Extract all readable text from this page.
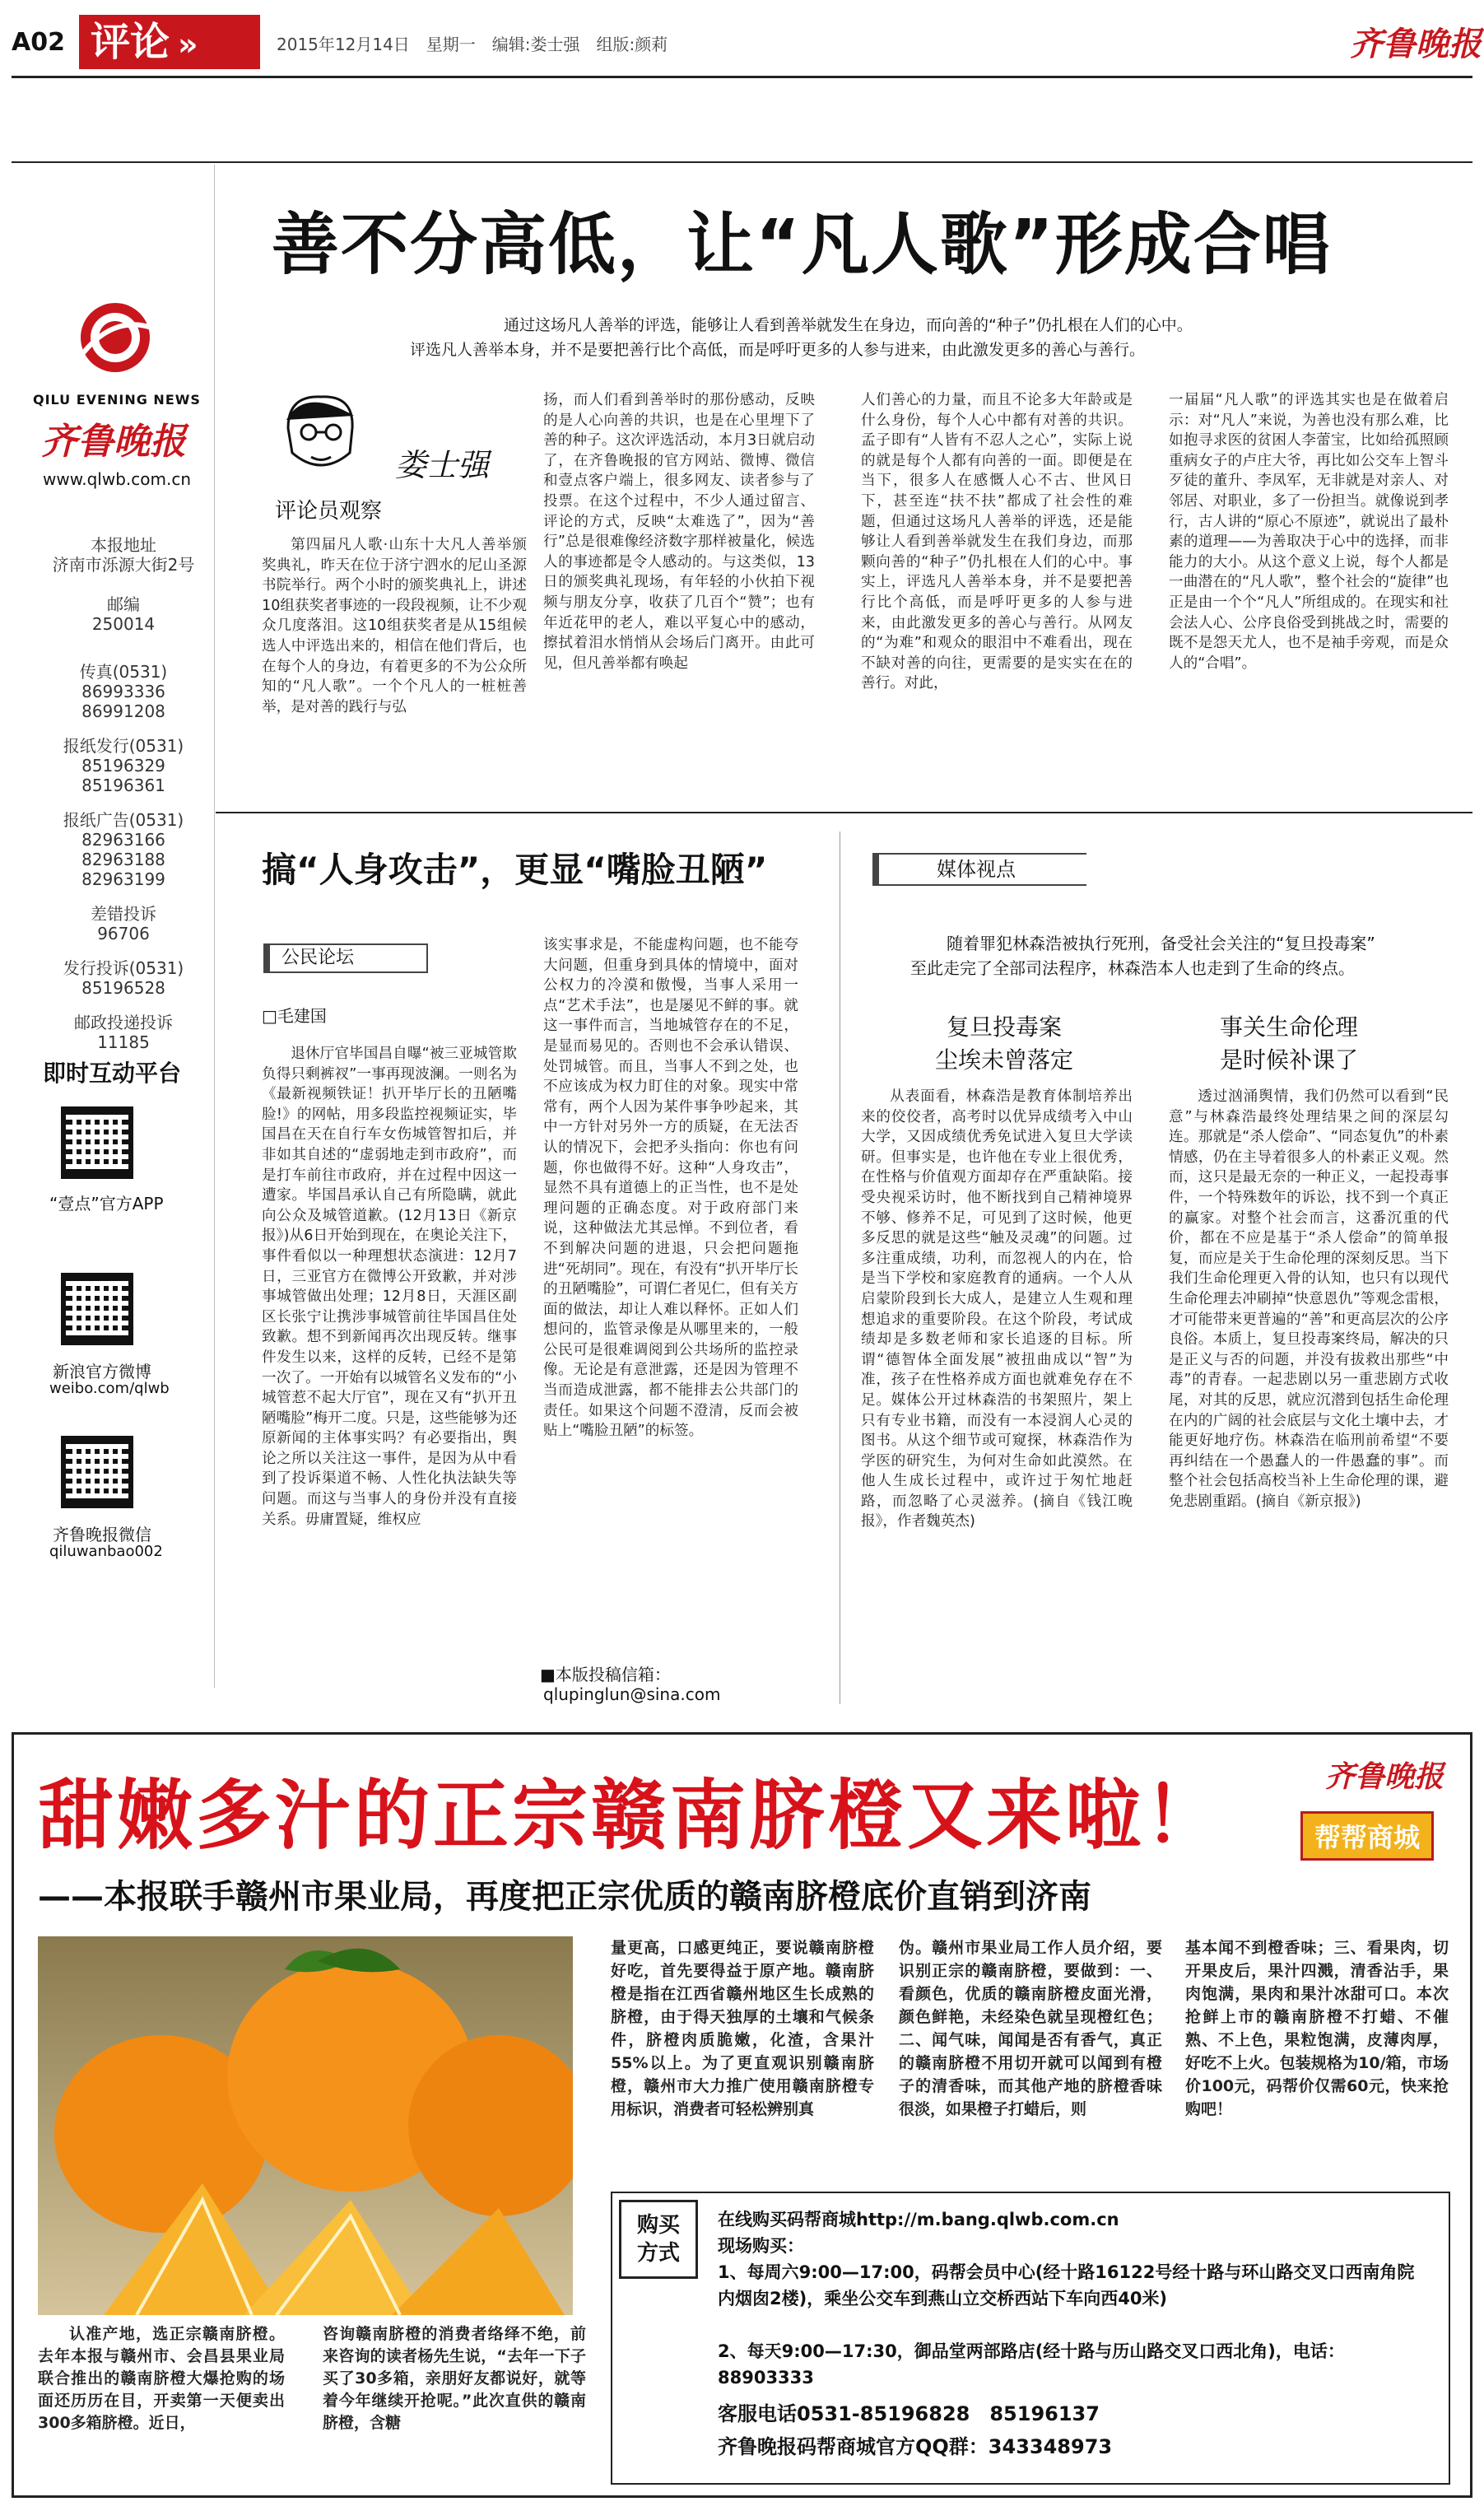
A02 评论 »	2015年12月14日　星期一　编辑:娄士强　组版:颜莉	齐鲁晚报
QILU EVENING NEWS
齐鲁晚报
www.qlwb.com.cn
本报地址
济南市泺源大街2号
邮编
250014
传真(0531)
86993336 86991208
报纸发行(0531)
85196329 85196361
报纸广告(0531)
82963166 82963188 82963199
差错投诉
96706
发行投诉(0531)
85196528
邮政投递投诉
11185
即时互动平台
“壹点”官方APP
新浪官方微博
weibo.com/qlwb
齐鲁晚报微信
qiluwanbao002
善不分高低，让“凡人歌”形成合唱
通过这场凡人善举的评选，能够让人看到善举就发生在身边，而向善的“种子”仍扎根在人们的心中。
评选凡人善举本身，并不是要把善行比个高低，而是呼吁更多的人参与进来，由此激发更多的善心与善行。
娄士强
评论员观察

第四届凡人歌·山东十大凡人善举颁奖典礼，昨天在位于济宁泗水的尼山圣源书院举行。两个小时的颁奖典礼上，讲述10组获奖者事迹的一段段视频，让不少观众几度落泪。这10组获奖者是从15组候选人中评选出来的，相信在他们背后，也在每个人的身边，有着更多的不为公众所知的“凡人歌”。一个个凡人的一桩桩善举，是对善的践行与弘

扬，而人们看到善举时的那份感动，反映的是人心向善的共识，也是在心里埋下了善的种子。这次评选活动，本月3日就启动了，在齐鲁晚报的官方网站、微博、微信和壹点客户端上，很多网友、读者参与了投票。在这个过程中，不少人通过留言、评论的方式，反映“太难选了”，因为“善行”总是很难像经济数字那样被量化，候选人的事迹都是令人感动的。与这类似，13日的颁奖典礼现场，有年轻的小伙拍下视频与朋友分享，收获了几百个“赞”；也有年近花甲的老人，难以平复心中的感动，擦拭着泪水悄悄从会场后门离开。由此可见，但凡善举都有唤起

人们善心的力量，而且不论多大年龄或是什么身份，每个人心中都有对善的共识。孟子即有“人皆有不忍人之心”，实际上说的就是每个人都有向善的一面。即便是在当下，很多人在感慨人心不古、世风日下，甚至连“扶不扶”都成了社会性的难题，但通过这场凡人善举的评选，还是能够让人看到善举就发生在我们身边，而那颗向善的“种子”仍扎根在人们的心中。事实上，评选凡人善举本身，并不是要把善行比个高低，而是呼吁更多的人参与进来，由此激发更多的善心与善行。从网友的“为难”和观众的眼泪中不难看出，现在不缺对善的向往，更需要的是实实在在的善行。对此，

一届届“凡人歌”的评选其实也是在做着启示：对“凡人”来说，为善也没有那么难，比如抱寻求医的贫困人李蕾宝，比如给孤照顾重病女子的卢庄大爷，再比如公交车上智斗歹徒的董升、李凤军，无非就是对亲人、对邻居、对职业，多了一份担当。就像说到孝行，古人讲的“原心不原迹”，就说出了最朴素的道理——为善取决于心中的选择，而非能力的大小。从这个意义上说，每个人都是一曲潜在的“凡人歌”，整个社会的“旋律”也正是由一个个“凡人”所组成的。在现实和社会法人心、公序良俗受到挑战之时，需要的既不是怨天尤人，也不是袖手旁观，而是众人的“合唱”。

搞“人身攻击”，更显“嘴脸丑陋”
公民论坛
□毛建国

退休厅官毕国昌自曝“被三亚城管欺负得只剩裤衩”一事再现波澜。一则名为《最新视频铁证！扒开毕厅长的丑陋嘴脸!》的网帖，用多段监控视频证实，毕国昌在天在自行车女伤城管智扣后，并非如其自述的“虚弱地走到市政府”，而是打车前往市政府，并在过程中因这一遭家。毕国昌承认自己有所隐瞒，就此向公众及城管道歉。(12月13日《新京报》)从6日开始到现在，在奥论关注下，事件看似以一种理想状态演进：12月7日，三亚官方在微博公开致歉，并对涉事城管做出处理；12月8日，天涯区副区长张宁让携涉事城管前往毕国昌住处致歉。想不到新闻再次出现反转。继事件发生以来，这样的反转，已经不是第一次了。一开始有以城管名义发布的“小城管惹不起大厅官”，现在又有“扒开丑陋嘴脸”梅开二度。只是，这些能够为还原新闻的主体事实吗？有必要指出，舆论之所以关注这一事件，是因为从中看到了投诉渠道不畅、人性化执法缺失等问题。而这与当事人的身份并没有直接关系。毋庸置疑，维权应

该实事求是，不能虚构问题，也不能夸大问题，但重身到具体的情境中，面对公权力的冷漠和傲慢，当事人采用一点“艺术手法”，也是屡见不鲜的事。就这一事件而言，当地城管存在的不足，是显而易见的。否则也不会承认错误、处罚城管。而且，当事人不到之处，也不应该成为权力盯住的对象。现实中常常有，两个人因为某件事争吵起来，其中一方针对另外一方的质疑，在无法否认的情况下，会把矛头指向：你也有问题，你也做得不好。这种“人身攻击”，显然不具有道德上的正当性，也不是处理问题的正确态度。对于政府部门来说，这种做法尤其忌惮。不到位者，看不到解决问题的进退，只会把问题拖进“死胡同”。现在，有没有“扒开毕厅长的丑陋嘴脸”，可谓仁者见仁，但有关方面的做法，却让人难以释怀。正如人们想问的，监管录像是从哪里来的，一般公民可是很难调阅到公共场所的监控录像。无论是有意泄露，还是因为管理不当而造成泄露，都不能排去公共部门的责任。如果这个问题不澄清，反而会被贴上“嘴脸丑陋”的标签。

■本版投稿信箱：
qlupinglun@sina.com
媒体视点
随着罪犯林森浩被执行死刑，备受社会关注的“复旦投毒案”
至此走完了全部司法程序，林森浩本人也走到了生命的终点。
复旦投毒案
尘埃未曾落定
事关生命伦理
是时候补课了

从表面看，林森浩是教育体制培养出来的佼佼者，高考时以优异成绩考入中山大学，又因成绩优秀免试进入复旦大学读研。但事实是，也许他在专业上很优秀，在性格与价值观方面却存在严重缺陷。接受央视采访时，他不断找到自己精神境界不够、修养不足，可见到了这时候，他更多反思的就是这些“触及灵魂”的问题。过多注重成绩，功利，而忽视人的内在，恰是当下学校和家庭教育的通病。一个人从启蒙阶段到长大成人，是建立人生观和理想追求的重要阶段。在这个阶段，考试成绩却是多数老师和家长追逐的目标。所谓“德智体全面发展”被扭曲成以“智”为准，孩子在性格养成方面也就难免存在不足。媒体公开过林森浩的书架照片，架上只有专业书籍，而没有一本浸润人心灵的图书。从这个细节或可窥探，林森浩作为学医的研究生，为何对生命如此漠然。在他人生成长过程中，或许过于匆忙地赶路，而忽略了心灵滋养。(摘自《钱江晚报》，作者魏英杰)

透过汹涌舆情，我们仍然可以看到“民意”与林森浩最终处理结果之间的深层勾连。那就是“杀人偿命”、“同态复仇”的朴素情感，仍在主导着很多人的朴素正义观。然而，这只是最无奈的一种正义，一起投毒事件，一个特殊数年的诉讼，找不到一个真正的赢家。对整个社会而言，这番沉重的代价，都在不应是基于“杀人偿命”的简单报复，而应是关于生命伦理的深刻反思。当下我们生命伦理更入骨的认知，也只有以现代生命伦理去冲刷掉“快意恩仇”等观念雷根，才可能带来更普遍的“善”和更高层次的公序良俗。本质上，复旦投毒案终局，解决的只是正义与否的问题，并没有拔救出那些“中毒”的青春。一起悲剧以另一重悲剧方式收尾，对其的反思，就应沉潜到包括生命伦理在内的广阔的社会底层与文化土壤中去，才能更好地疗伤。林森浩在临刑前希望“不要再纠结在一个愚蠢人的一件愚蠢的事”。而整个社会包括高校当补上生命伦理的课，避免悲剧重蹈。(摘自《新京报》)

甜嫩多汁的正宗赣南脐橙又来啦！	齐鲁晚报
帮帮商城
——本报联手赣州市果业局，再度把正宗优质的赣南脐橙底价直销到济南

认准产地，选正宗赣南脐橙。去年本报与赣州市、会昌县果业局联合推出的赣南脐橙大爆抢购的场面还历历在目，开卖第一天便卖出300多箱脐橙。近日，

咨询赣南脐橙的消费者络绎不绝，前来咨询的读者杨先生说，“去年一下子买了30多箱，亲朋好友都说好，就等着今年继续开抢呢。”此次直供的赣南脐橙，含糖

量更高，口感更纯正，要说赣南脐橙好吃，首先要得益于原产地。赣南脐橙是指在江西省赣州地区生长成熟的脐橙，由于得天独厚的土壤和气候条件，脐橙肉质脆嫩，化渣，含果汁55%以上。为了更直观识别赣南脐橙，赣州市大力推广使用赣南脐橙专用标识，消费者可轻松辨别真

伪。赣州市果业局工作人员介绍，要识别正宗的赣南脐橙，要做到：一、看颜色，优质的赣南脐橙皮面光滑，颜色鲜艳，未经染色就呈现橙红色；二、闻气味，闻闻是否有香气，真正的赣南脐橙不用切开就可以闻到有橙子的清香味，而其他产地的脐橙香味很淡，如果橙子打蜡后，则

基本闻不到橙香味；三、看果肉，切开果皮后，果汁四溅，清香沾手，果肉饱满，果肉和果汁冰甜可口。本次抢鲜上市的赣南脐橙不打蜡、不催熟、不上色，果粒饱满，皮薄肉厚，好吃不上火。包装规格为10/箱，市场价100元，码帮价仅需60元，快来抢购吧！

购买方式
在线购买码帮商城http://m.bang.qlwb.com.cn
现场购买：
1、每周六9:00—17:00，码帮会员中心(经十路16122号经十路与环山路交叉口西南角院内烟囱2楼)，乘坐公交车到燕山立交桥西站下车向西40米)
2、每天9:00—17:30，御品堂两部路店(经十路与历山路交叉口西北角)，电话：88903333
客服电话0531-85196828　85196137
齐鲁晚报码帮商城官方QQ群：343348973
